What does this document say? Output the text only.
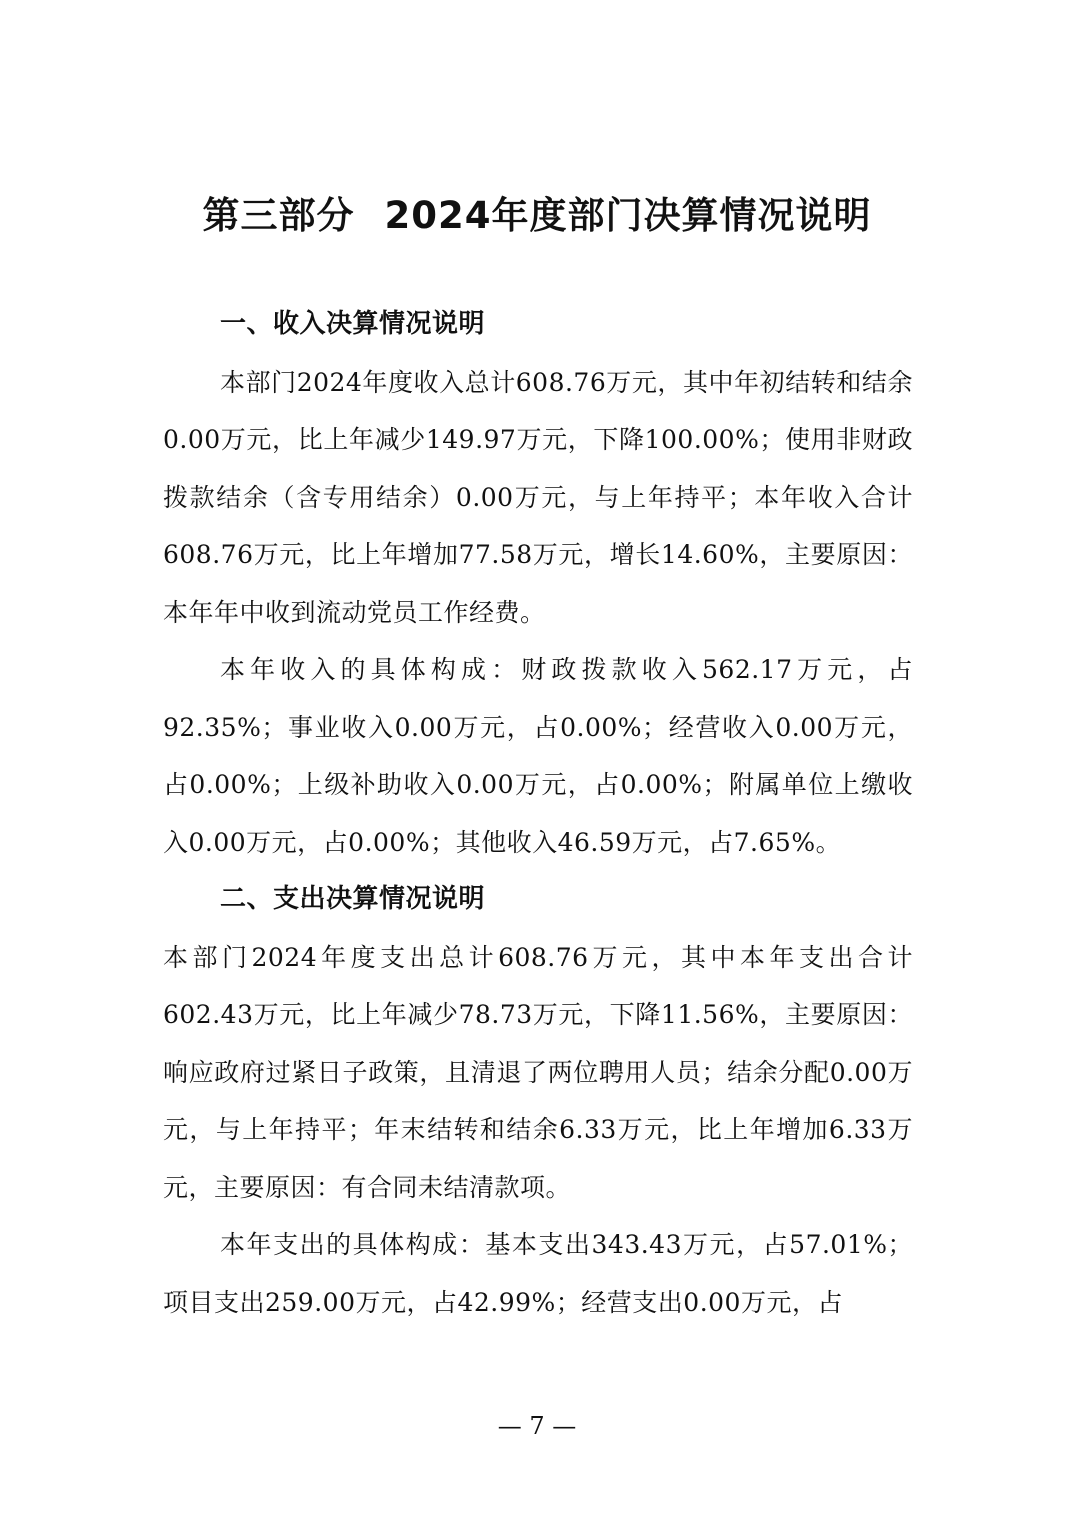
第三部分 2024年度部门决算情况说明
一、收入决算情况说明

本部门2024年度收入总计608.76万元，其中年初结转和结余0.00万元，比上年减少149.97万元，下降100.00%；使用非财政拨款结余（含专用结余）0.00万元，与上年持平；本年收入合计608.76万元，比上年增加77.58万元，增长14.60%，主要原因：本年年中收到流动党员工作经费。

本年收入的具体构成：财政拨款收入562.17万元，占92.35%；事业收入0.00万元，占0.00%；经营收入0.00万元，占0.00%；上级补助收入0.00万元，占0.00%；附属单位上缴收入0.00万元，占0.00%；其他收入46.59万元，占7.65%。

二、支出决算情况说明

本部门2024年度支出总计608.76万元，其中本年支出合计602.43万元，比上年减少78.73万元，下降11.56%，主要原因：响应政府过紧日子政策，且清退了两位聘用人员；结余分配0.00万元，与上年持平；年末结转和结余6.33万元，比上年增加6.33万元，主要原因：有合同未结清款项。

本年支出的具体构成：基本支出343.43万元，占57.01%；项目支出259.00万元，占42.99%；经营支出0.00万元，占

— 7 —
